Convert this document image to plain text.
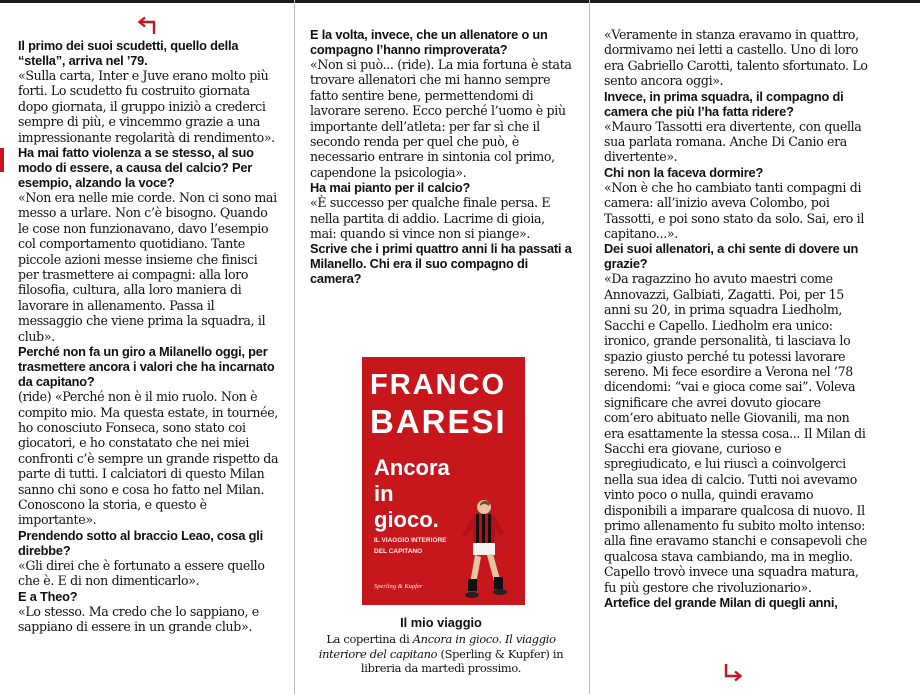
Il primo dei suoi scudetti, quello della “stella”, arriva nel ’79.

«Sulla carta, Inter e Juve erano molto più forti. Lo scudetto fu costruito giornata dopo giornata, il gruppo iniziò a crederci sempre di più, e vincemmo grazie a una impressionante regolarità di rendimento».

Ha mai fatto violenza a se stesso, al suo modo di essere, a causa del calcio? Per esempio, alzando la voce?

«Non era nelle mie corde. Non ci sono mai messo a urlare. Non c’è bisogno. Quando le cose non funzionavano, davo l’esempio col comportamento quotidiano. Tante piccole azioni messe insieme che finisci per trasmettere ai compagni: alla loro filosofia, cultura, alla loro maniera di lavorare in allenamento. Passa il messaggio che viene prima la squadra, il club».

Perché non fa un giro a Milanello oggi, per trasmettere ancora i valori che ha incarnato da capitano?

(ride) «Perché non è il mio ruolo. Non è compito mio. Ma questa estate, in tournée, ho conosciuto Fonseca, sono stato coi giocatori, e ho constatato che nei miei confronti c’è sempre un grande rispetto da parte di tutti. I calciatori di questo Milan sanno chi sono e cosa ho fatto nel Milan. Conoscono la storia, e questo è importante».

Prendendo sotto al braccio Leao, cosa gli direbbe?

«Gli direi che è fortunato a essere quello che è. E di non dimenticarlo».

E a Theo?

«Lo stesso. Ma credo che lo sappiano, e sappiano di essere in un grande club».

E la volta, invece, che un allenatore o un compagno l’hanno rimproverata?

«Non si può... (ride). La mia fortuna è stata trovare allenatori che mi hanno sempre fatto sentire bene, permettendomi di lavorare sereno. Ecco perché l’uomo è più importante dell’atleta: per far sì che il secondo renda per quel che può, è necessario entrare in sintonia col primo, capendone la psicologia».

Ha mai pianto per il calcio?

«È successo per qualche finale persa. E nella partita di addio. Lacrime di gioia, mai: quando si vince non si piange».

Scrive che i primi quattro anni li ha passati a Milanello. Chi era il suo compagno di camera?

FRANCO
BARESI
Ancora in gioco.
IL VIAGGIO INTERIORE DEL CAPITANO
Sperling & Kupfer
Il mio viaggio
La copertina di Ancora in gioco. Il viaggio interiore del capitano (Sperling & Kupfer) in libreria da martedì prossimo.

«Veramente in stanza eravamo in quattro, dormivamo nei letti a castello. Uno di loro era Gabriello Carotti, talento sfortunato. Lo sento ancora oggi».

Invece, in prima squadra, il compagno di camera che più l’ha fatta ridere?

«Mauro Tassotti era divertente, con quella sua parlata romana. Anche Di Canio era divertente».

Chi non la faceva dormire?

«Non è che ho cambiato tanti compagni di camera: all’inizio aveva Colombo, poi Tassotti, e poi sono stato da solo. Sai, ero il capitano...».

Dei suoi allenatori, a chi sente di dovere un grazie?

«Da ragazzino ho avuto maestri come Annovazzi, Galbiati, Zagatti. Poi, per 15 anni su 20, in prima squadra Liedholm, Sacchi e Capello. Liedholm era unico: ironico, grande personalità, ti lasciava lo spazio giusto perché tu potessi lavorare sereno. Mi fece esordire a Verona nel ’78 dicendomi: “vai e gioca come sai”. Voleva significare che avrei dovuto giocare com’ero abituato nelle Giovanili, ma non era esattamente la stessa cosa... Il Milan di Sacchi era giovane, curioso e spregiudicato, e lui riuscì a coinvolgerci nella sua idea di calcio. Tutti noi avevamo vinto poco o nulla, quindi eravamo disponibili a imparare qualcosa di nuovo. Il primo allenamento fu subito molto intenso: alla fine eravamo stanchi e consapevoli che qualcosa stava cambiando, ma in meglio. Capello trovò invece una squadra matura, fu più gestore che rivoluzionario».

Artefice del grande Milan di quegli anni,
